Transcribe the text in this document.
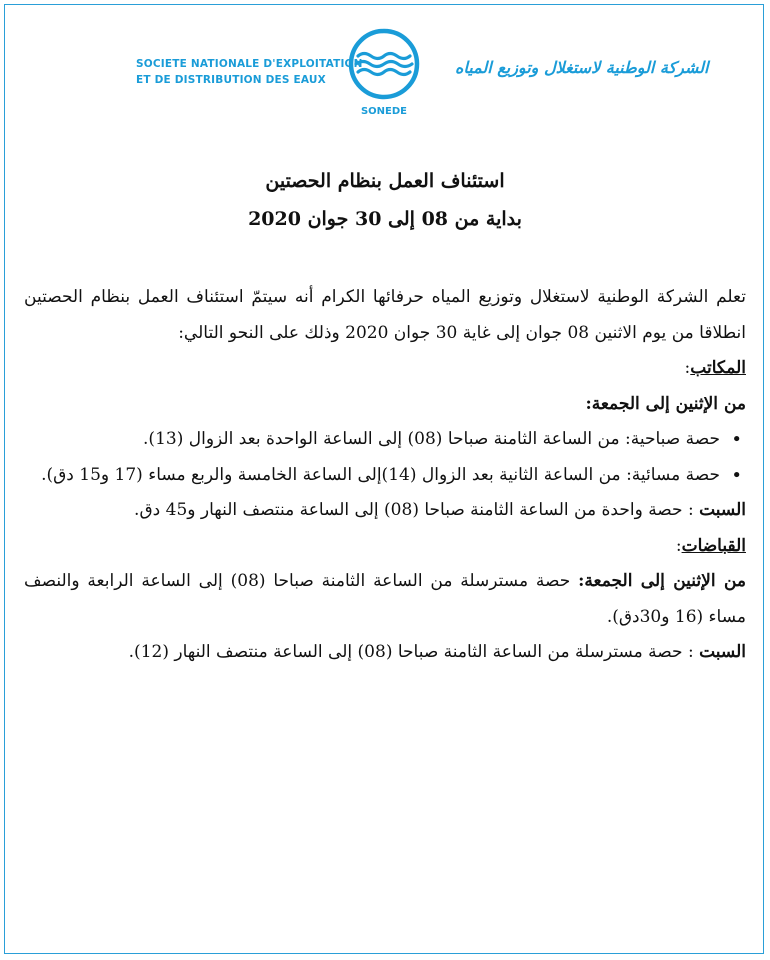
SOCIETE NATIONALE D'EXPLOITATION
ET DE DISTRIBUTION DES EAUX
SONEDE
الشركة الوطنية لاستغلال وتوزيع المياه
استئناف العمل بنظام الحصتين
بداية من 08 إلى 30 جوان 2020

تعلم الشركة الوطنية لاستغلال وتوزيع المياه حرفائها الكرام أنه سيتمّ استئناف العمل بنظام الحصتين انطلاقا من يوم الاثنين 08 جوان إلى غاية 30 جوان 2020 وذلك على النحو التالي:

المكاتب:

من الإثنين إلى الجمعة:

• حصة صباحية: من الساعة الثامنة صباحا (08) إلى الساعة الواحدة بعد الزوال (13).
• حصة مسائية: من الساعة الثانية بعد الزوال (14)إلى الساعة الخامسة والربع مساء (17 و15 دق).

السبت : حصة واحدة من الساعة الثامنة صباحا (08) إلى الساعة منتصف النهار و45 دق.

القباضات:

من الإثنين إلى الجمعة: حصة مسترسلة من الساعة الثامنة صباحا (08) إلى الساعة الرابعة والنصف مساء (16 و30دق).

السبت : حصة مسترسلة من الساعة الثامنة صباحا (08) إلى الساعة منتصف النهار (12).
